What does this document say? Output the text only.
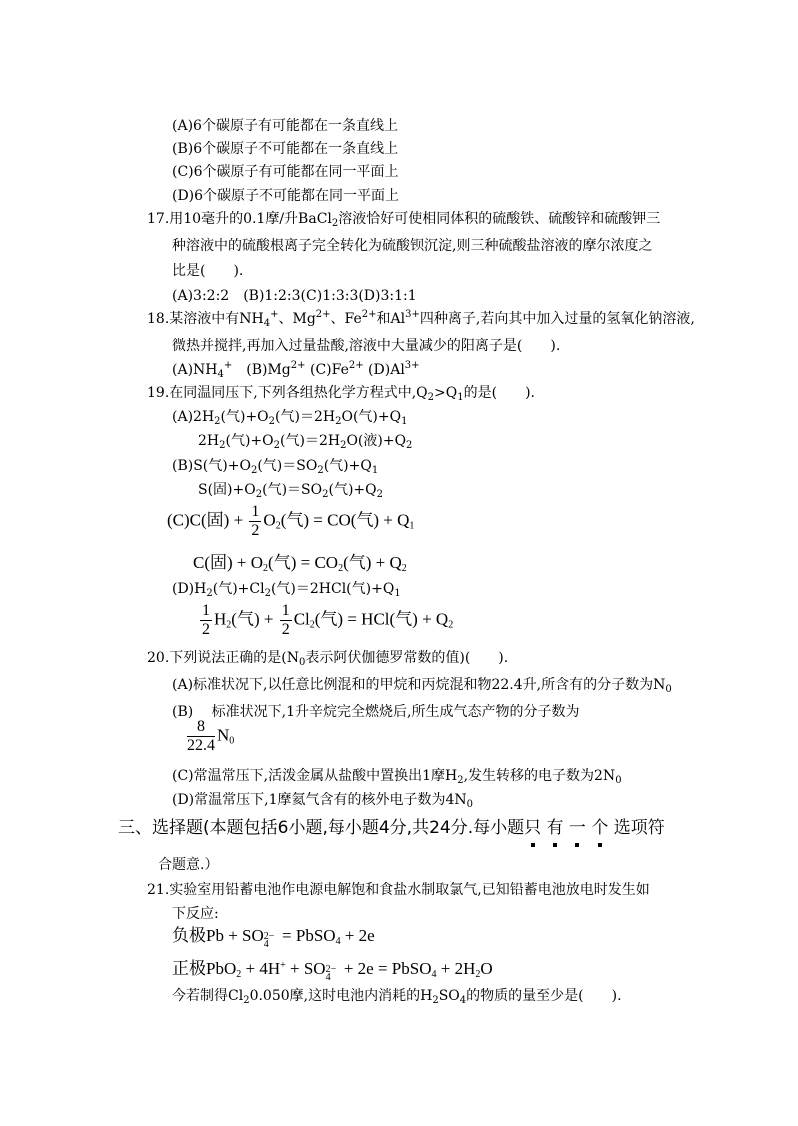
(A)6个碳原子有可能都在一条直线上
(B)6个碳原子不可能都在一条直线上
(C)6个碳原子有可能都在同一平面上
(D)6个碳原子不可能都在同一平面上
17.用10毫升的0.1摩/升BaCl$_2$溶液恰好可使相同体积的硫酸铁、硫酸锌和硫酸钾三
种溶液中的硫酸根离子完全转化为硫酸钡沉淀,则三种硫酸盐溶液的摩尔浓度之
比是(　　).
(A)3:2:2　(B)1:2:3(C)1:3:3(D)3:1:1
18.某溶液中有$NH_4^+$、$Mg^{2+}$、$Fe^{2+}$和$Al^{3+}$四种离子,若向其中加入过量的氢氧化钠溶液,
微热并搅拌,再加入过量盐酸,溶液中大量减少的阳离子是(　　).
$(A)NH_4^+$　$(B)Mg^{2+}$ $(C)Fe^{2+}$ $(D)Al^{3+}$
19.在同温同压下,下列各组热化学方程式中$,Q_2>Q_1$的是(　　).
$(A)2H_2$(气)$+O_2$(气)$=2H_2O$(气)$+Q_1$
$2H_2$(气)$+O_2$(气)$=2H_2O$(液)$+Q_2$
(B)S(气)$+O_2$(气)$=SO_2$(气)$+Q_1$
S(固)$+O_2$(气)$=SO_2$(气)$+Q_2$
(C)C(固) + $\frac{1}{2} O_2$(气) = CO(气) + $Q_1$
C(固) + $O_2$(气) = $CO_2$(气) + $Q_2$
$(D)H_2$(气)$+Cl_2$(气)＝2HCl(气)$+Q_1$
$\frac{1}{2} H_2$(气) + $\frac{1}{2} Cl_2$(气) = HCl(气) + $Q_2$
20.下列说法正确的是($N_0$表示阿伏伽德罗常数的值)(　　).
(A)标准状况下,以任意比例混和的甲烷和丙烷混和物22.4升,所含有的分子数为$N_0$
(B)　 标准状况下,1升辛烷完全燃烧后,所生成气态产物的分子数为
$\frac{8}{22.4} N_0$
(C)常温常压下,活泼金属从盐酸中置换出1摩$H_2$,发生转移的电子数为$2N_0$
(D)常温常压下,1摩氦气含有的核外电子数为$4N_0$
三、选择题(本题包括6小题,每小题4分,共24分.每小题只 有 一 个 选项符
合题意.）
21.实验室用铅蓄电池作电源电解饱和食盐水制取氯气,已知铅蓄电池放电时发生如
下反应:
负极Pb + SO 2−
4 = PbSO$_4$ + 2e
正极PbO$_2$ + 4H+ + SO 2−
4 + 2e = PbSO$_4$ + $2H_2O$
今若制得$Cl_20.050$摩,这时电池内消耗的$H_2SO_4$的物质的量至少是(　　).
